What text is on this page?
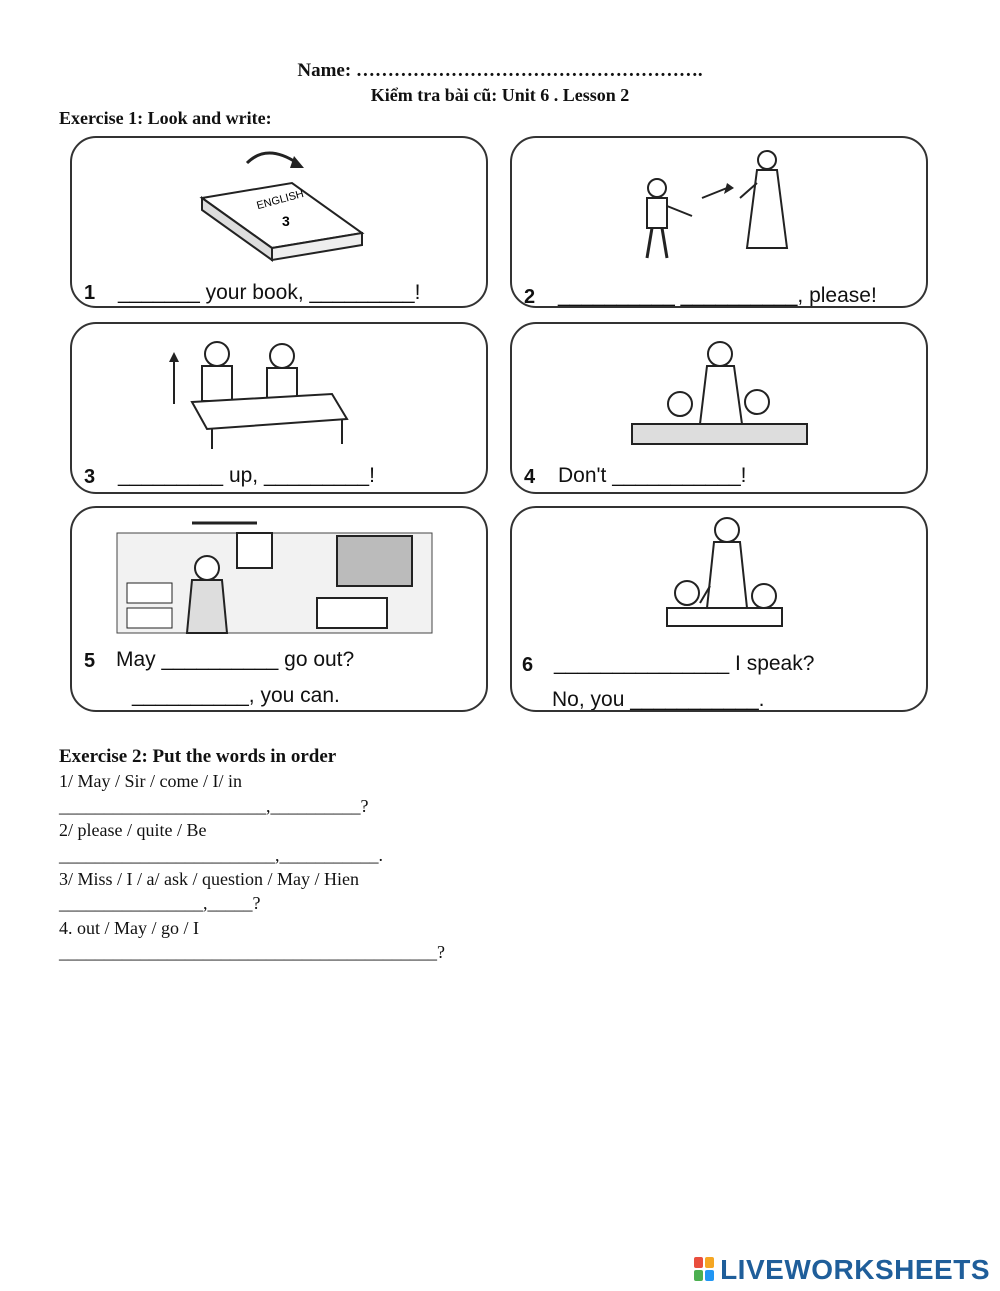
Name: ……………………………………………….
Kiểm tra bài cũ: Unit 6 . Lesson 2
Exercise 1: Look and write:
ENGLISH
3
1 _______ your book, _________!	2 __________ __________, please!
3 _________ up, _________!	4 Don't ___________!
5 May __________ go out?
__________, you can.
6 _______________ I speak?
No, you ___________.
Exercise 2: Put the words in order
1/ May / Sir / come / I/ in
_______________________,__________?
2/ please / quite / Be
________________________,___________.
3/ Miss / I / a/ ask / question / May / Hien
________________,_____?
4. out / May / go / I
__________________________________________?
LIVEWORKSHEETS
